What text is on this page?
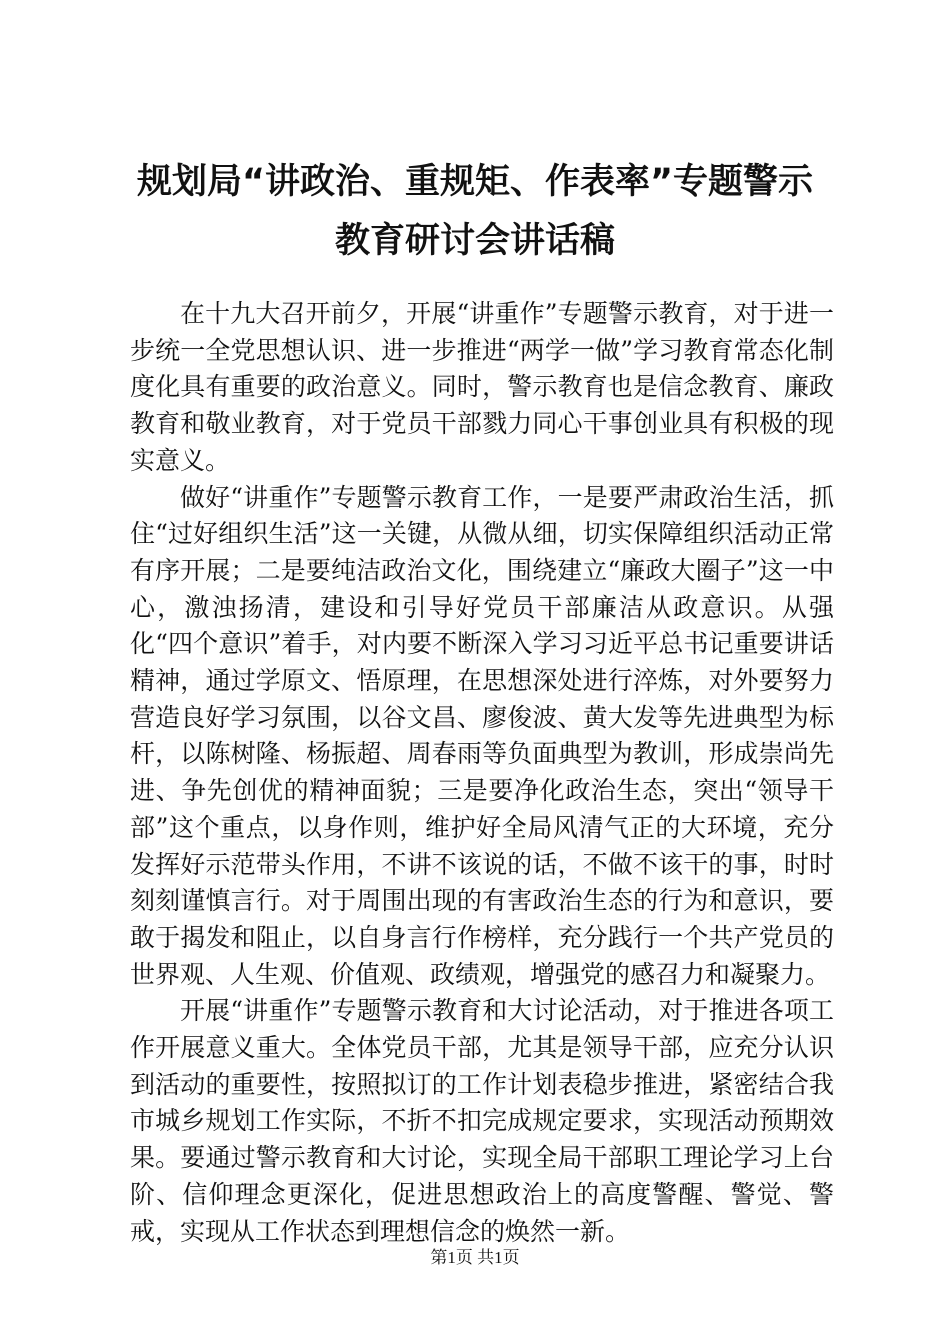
规划局“讲政治、重规矩、作表率”专题警示
教育研讨会讲话稿

在十九大召开前夕，开展“讲重作”专题警示教育，对于进一步统一全党思想认识、进一步推进“两学一做”学习教育常态化制度化具有重要的政治意义。同时，警示教育也是信念教育、廉政教育和敬业教育，对于党员干部戮力同心干事创业具有积极的现实意义。

做好“讲重作”专题警示教育工作，一是要严肃政治生活，抓住“过好组织生活”这一关键，从微从细，切实保障组织活动正常有序开展；二是要纯洁政治文化，围绕建立“廉政大圈子”这一中心，激浊扬清，建设和引导好党员干部廉洁从政意识。从强化“四个意识”着手，对内要不断深入学习习近平总书记重要讲话精神，通过学原文、悟原理，在思想深处进行淬炼，对外要努力营造良好学习氛围，以谷文昌、廖俊波、黄大发等先进典型为标杆，以陈树隆、杨振超、周春雨等负面典型为教训，形成崇尚先进、争先创优的精神面貌；三是要净化政治生态，突出“领导干部”这个重点，以身作则，维护好全局风清气正的大环境，充分发挥好示范带头作用，不讲不该说的话，不做不该干的事，时时刻刻谨慎言行。对于周围出现的有害政治生态的行为和意识，要敢于揭发和阻止，以自身言行作榜样，充分践行一个共产党员的世界观、人生观、价值观、政绩观，增强党的感召力和凝聚力。

开展“讲重作”专题警示教育和大讨论活动，对于推进各项工作开展意义重大。全体党员干部，尤其是领导干部，应充分认识到活动的重要性，按照拟订的工作计划表稳步推进，紧密结合我市城乡规划工作实际，不折不扣完成规定要求，实现活动预期效果。要通过警示教育和大讨论，实现全局干部职工理论学习上台阶、信仰理念更深化，促进思想政治上的高度警醒、警觉、警戒，实现从工作状态到理想信念的焕然一新。

第1页 共1页
